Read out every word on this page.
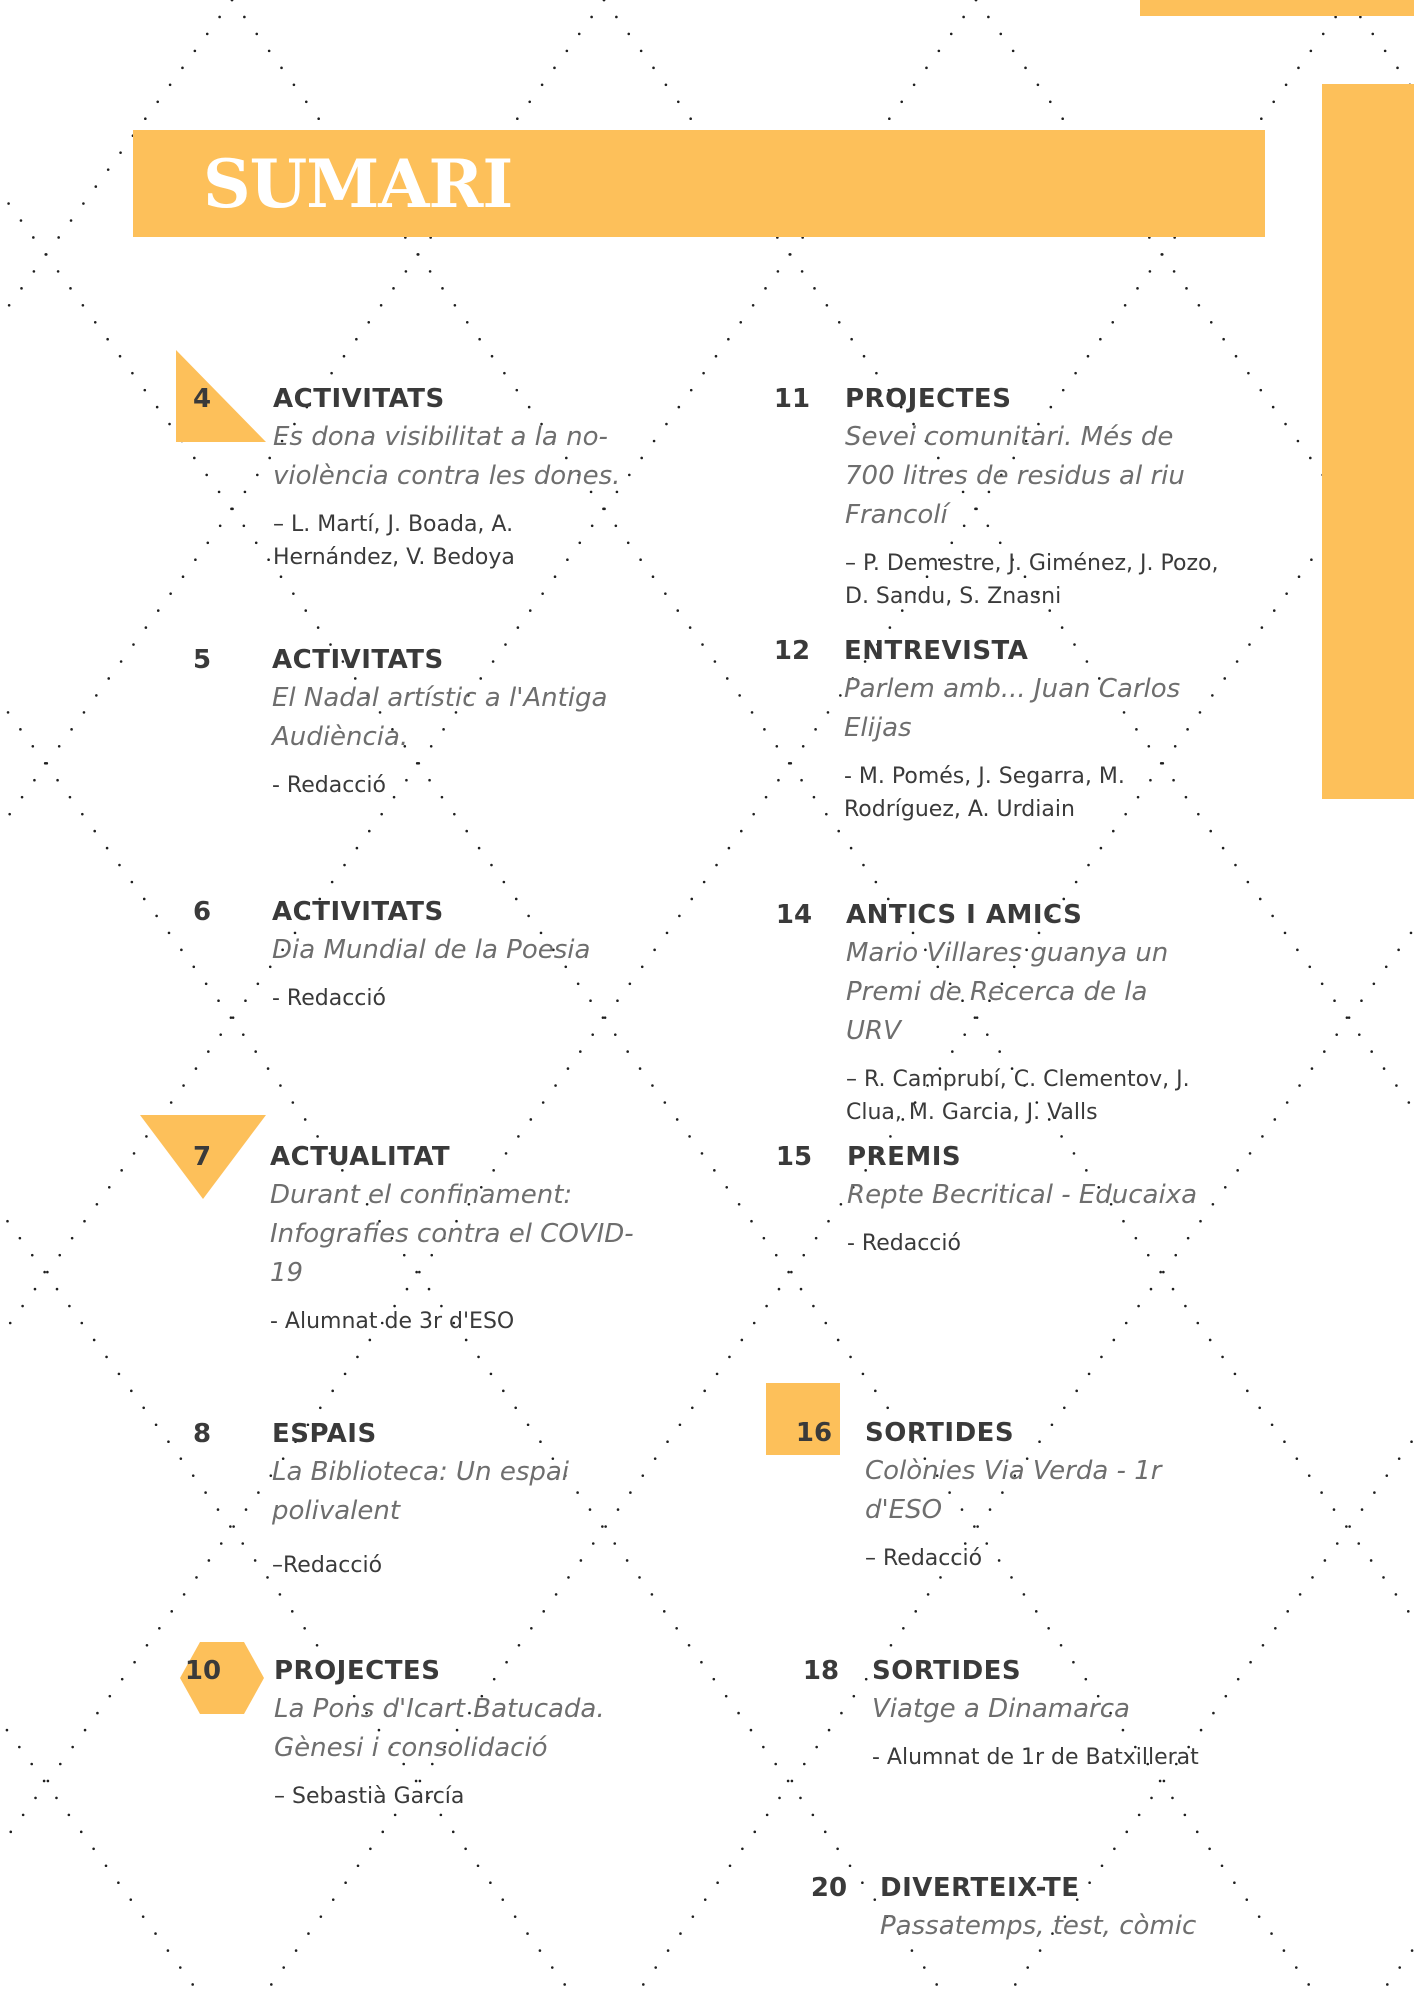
SUMARI
4	ACTIVITATS
Es dona visibilitat a la no-violència contra les dones.
– L. Martí, J. Boada, A. Hernández, V. Bedoya
5	ACTIVITATS
El Nadal artístic a l'Antiga Audiència.
- Redacció
6	ACTIVITATS
Dia Mundial de la Poesia
- Redacció
7	ACTUALITAT
Durant el confinament: Infografies contra el COVID-19
- Alumnat de 3r d'ESO
8	ESPAIS
La Biblioteca: Un espai polivalent
–Redacció
10	PROJECTES
La Pons d'Icart Batucada. Gènesi i consolidació
– Sebastià García
11	PROJECTES
Sevei comunitari. Més de 700 litres de residus al riu Francolí
– P. Demestre, J. Giménez, J. Pozo, D. Sandu, S. Znasni
12	ENTREVISTA
Parlem amb... Juan Carlos Elijas
- M. Pomés, J. Segarra, M. Rodríguez, A. Urdiain
14	ANTICS I AMICS
Mario Villares guanya un Premi de Recerca de la URV
– R. Camprubí, C. Clementov, J. Clua, M. Garcia, J. Valls
15	PREMIS
Repte Becritical - Educaixa
- Redacció
16	SORTIDES
Colònies Via Verda - 1r d'ESO
– Redacció
18	SORTIDES
Viatge a Dinamarca
- Alumnat de 1r de Batxillerat
20	DIVERTEIX-TE
Passatemps, test, còmic
